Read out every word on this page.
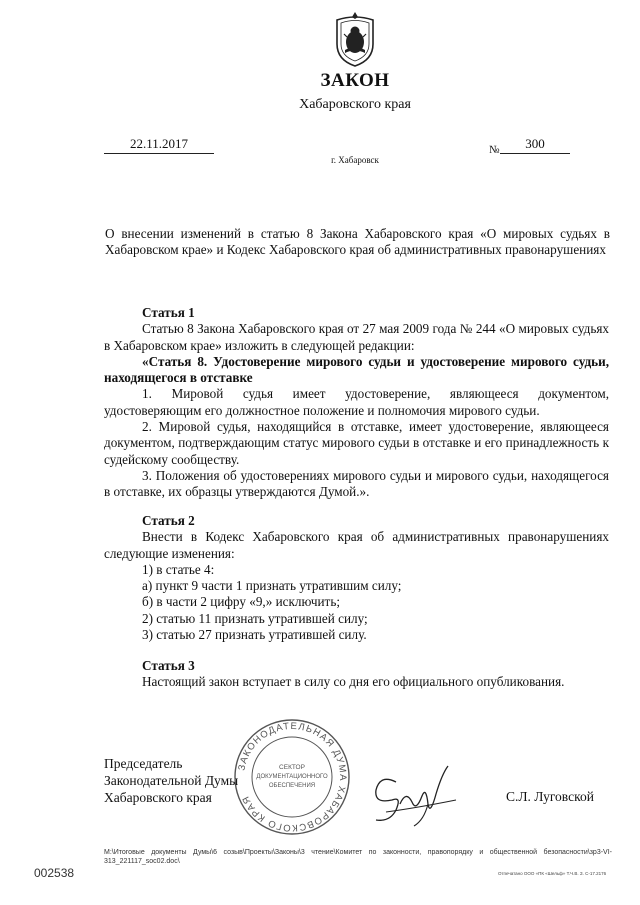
ЗАКОН
Хабаровского края
22.11.2017	№	300
г. Хабаровск
О внесении изменений в статью 8 Закона Хабаровского края «О мировых судьях в Хабаровском крае» и Кодекс Хабаровского края об административных правонарушениях
Статья 1
Статью 8 Закона Хабаровского края от 27 мая 2009 года № 244 «О мировых судьях в Хабаровском крае» изложить в следующей редакции:
«Статья 8. Удостоверение мирового судьи и удостоверение мирового судьи, находящегося в отставке
1. Мировой судья имеет удостоверение, являющееся документом, удостоверяющим его должностное положение и полномочия мирового судьи.
2. Мировой судья, находящийся в отставке, имеет удостоверение, являющееся документом, подтверждающим статус мирового судьи в отставке и его принадлежность к судейскому сообществу.
3. Положения об удостоверениях мирового судьи и мирового судьи, находящегося в отставке, их образцы утверждаются Думой.».
Статья 2
Внести в Кодекс Хабаровского края об административных правонарушениях следующие изменения:
1) в статье 4:
а) пункт 9 части 1 признать утратившим силу;
б) в части 2 цифру «9,» исключить;
2) статью 11 признать утратившей силу;
3) статью 27 признать утратившей силу.
Статья 3
Настоящий закон вступает в силу со дня его официального опубликования.
ЗАКОНОДАТЕЛЬНАЯ ДУМА ХАБАРОВСКОГО КРАЯ
СЕКТОР
ДОКУМЕНТАЦИОННОГО
ОБЕСПЕЧЕНИЯ
Председатель
Законодательной Думы
Хабаровского края	С.Л. Луговской
M:\Итоговые документы Думы\6 созыв\Проекты\Законы\3 чтение\Комитет по законности, правопорядку и общественной безопасности\зр3-VI-313_221117_soc02.doc\
002538	Отпечатано ООО «ПК «Шельф» Т.Ч.В. З. С-17.2176
